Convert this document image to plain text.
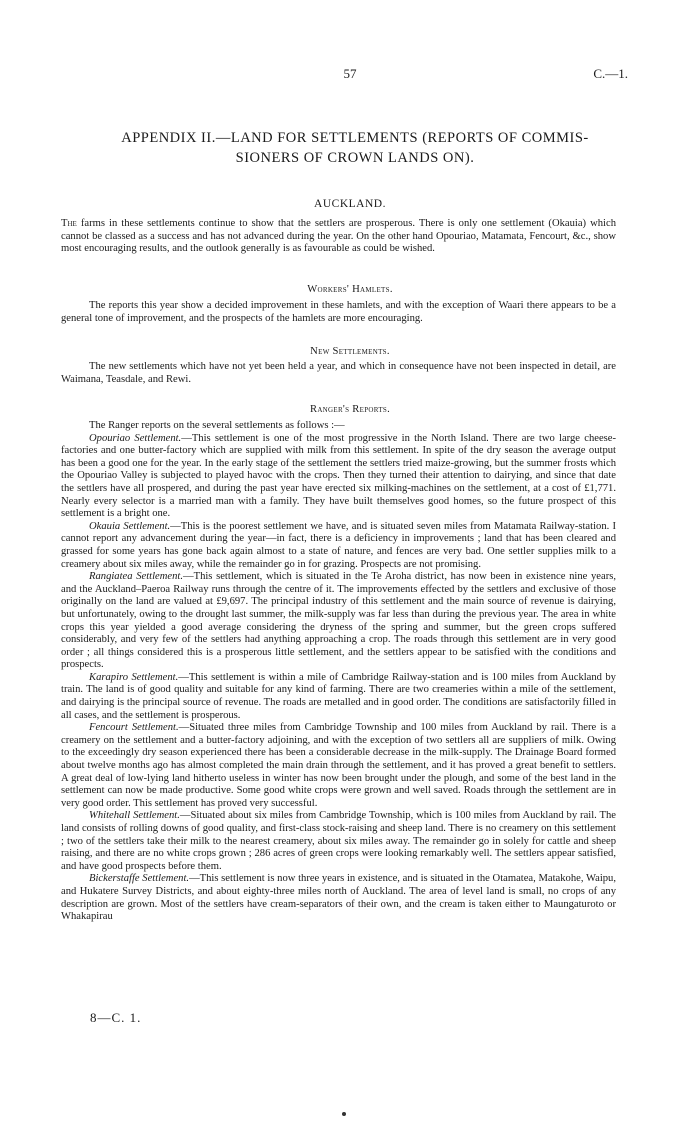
57	C.—1.
APPENDIX II.—LAND FOR SETTLEMENTS (REPORTS OF COMMIS-
SIONERS OF CROWN LANDS ON).
AUCKLAND.

The farms in these settlements continue to show that the settlers are prosperous. There is only one settlement (Okauia) which cannot be classed as a success and has not advanced during the year. On the other hand Opouriao, Matamata, Fencourt, &c., show most encouraging results, and the outlook generally is as favourable as could be wished.

Workers' Hamlets.

The reports this year show a decided improvement in these hamlets, and with the exception of Waari there appears to be a general tone of improvement, and the prospects of the hamlets are more encouraging.

New Settlements.

The new settlements which have not yet been held a year, and which in consequence have not been inspected in detail, are Waimana, Teasdale, and Rewi.

Ranger's Reports.

The Ranger reports on the several settlements as follows :—

Opouriao Settlement.—This settlement is one of the most progressive in the North Island. There are two large cheese-factories and one butter-factory which are supplied with milk from this settlement. In spite of the dry season the average output has been a good one for the year. In the early stage of the settlement the settlers tried maize-growing, but the summer frosts which the Opouriao Valley is subjected to played havoc with the crops. Then they turned their attention to dairying, and since that date the settlers have all prospered, and during the past year have erected six milking-machines on the settlement, at a cost of £1,771. Nearly every selector is a married man with a family. They have built themselves good homes, so the future prospect of this settlement is a bright one.

Okauia Settlement.—This is the poorest settlement we have, and is situated seven miles from Matamata Railway-station. I cannot report any advancement during the year—in fact, there is a deficiency in improvements ; land that has been cleared and grassed for some years has gone back again almost to a state of nature, and fences are very bad. One settler supplies milk to a creamery about six miles away, while the remainder go in for grazing. Prospects are not promising.

Rangiatea Settlement.—This settlement, which is situated in the Te Aroha district, has now been in existence nine years, and the Auckland–Paeroa Railway runs through the centre of it. The improvements effected by the settlers and exclusive of those originally on the land are valued at £9,697. The principal industry of this settlement and the main source of revenue is dairying, but unfortunately, owing to the drought last summer, the milk-supply was far less than during the previous year. The area in white crops this year yielded a good average considering the dryness of the spring and summer, but the green crops suffered considerably, and very few of the settlers had anything approaching a crop. The roads through this settlement are in very good order ; all things considered this is a prosperous little settlement, and the settlers appear to be satisfied with the conditions and prospects.

Karapiro Settlement.—This settlement is within a mile of Cambridge Railway-station and is 100 miles from Auckland by train. The land is of good quality and suitable for any kind of farming. There are two creameries within a mile of the settlement, and dairying is the principal source of revenue. The roads are metalled and in good order. The conditions are satisfactorily filled in all cases, and the settlement is prosperous.

Fencourt Settlement.—Situated three miles from Cambridge Township and 100 miles from Auckland by rail. There is a creamery on the settlement and a butter-factory adjoining, and with the exception of two settlers all are suppliers of milk. Owing to the exceedingly dry season experienced there has been a considerable decrease in the milk-supply. The Drainage Board formed about twelve months ago has almost completed the main drain through the settlement, and it has proved a great benefit to settlers. A great deal of low-lying land hitherto useless in winter has now been brought under the plough, and some of the best land in the settlement can now be made productive. Some good white crops were grown and well saved. Roads through the settlement are in very good order. This settlement has proved very successful.

Whitehall Settlement.—Situated about six miles from Cambridge Township, which is 100 miles from Auckland by rail. The land consists of rolling downs of good quality, and first-class stock-raising and sheep land. There is no creamery on this settlement ; two of the settlers take their milk to the nearest creamery, about six miles away. The remainder go in solely for cattle and sheep raising, and there are no white crops grown ; 286 acres of green crops were looking remarkably well. The settlers appear satisfied, and have good prospects before them.

Bickerstaffe Settlement.—This settlement is now three years in existence, and is situated in the Otamatea, Matakohe, Waipu, and Hukatere Survey Districts, and about eighty-three miles north of Auckland. The area of level land is small, no crops of any description are grown. Most of the settlers have cream-separators of their own, and the cream is taken either to Maungaturoto or Whakapirau

8—C. 1.
